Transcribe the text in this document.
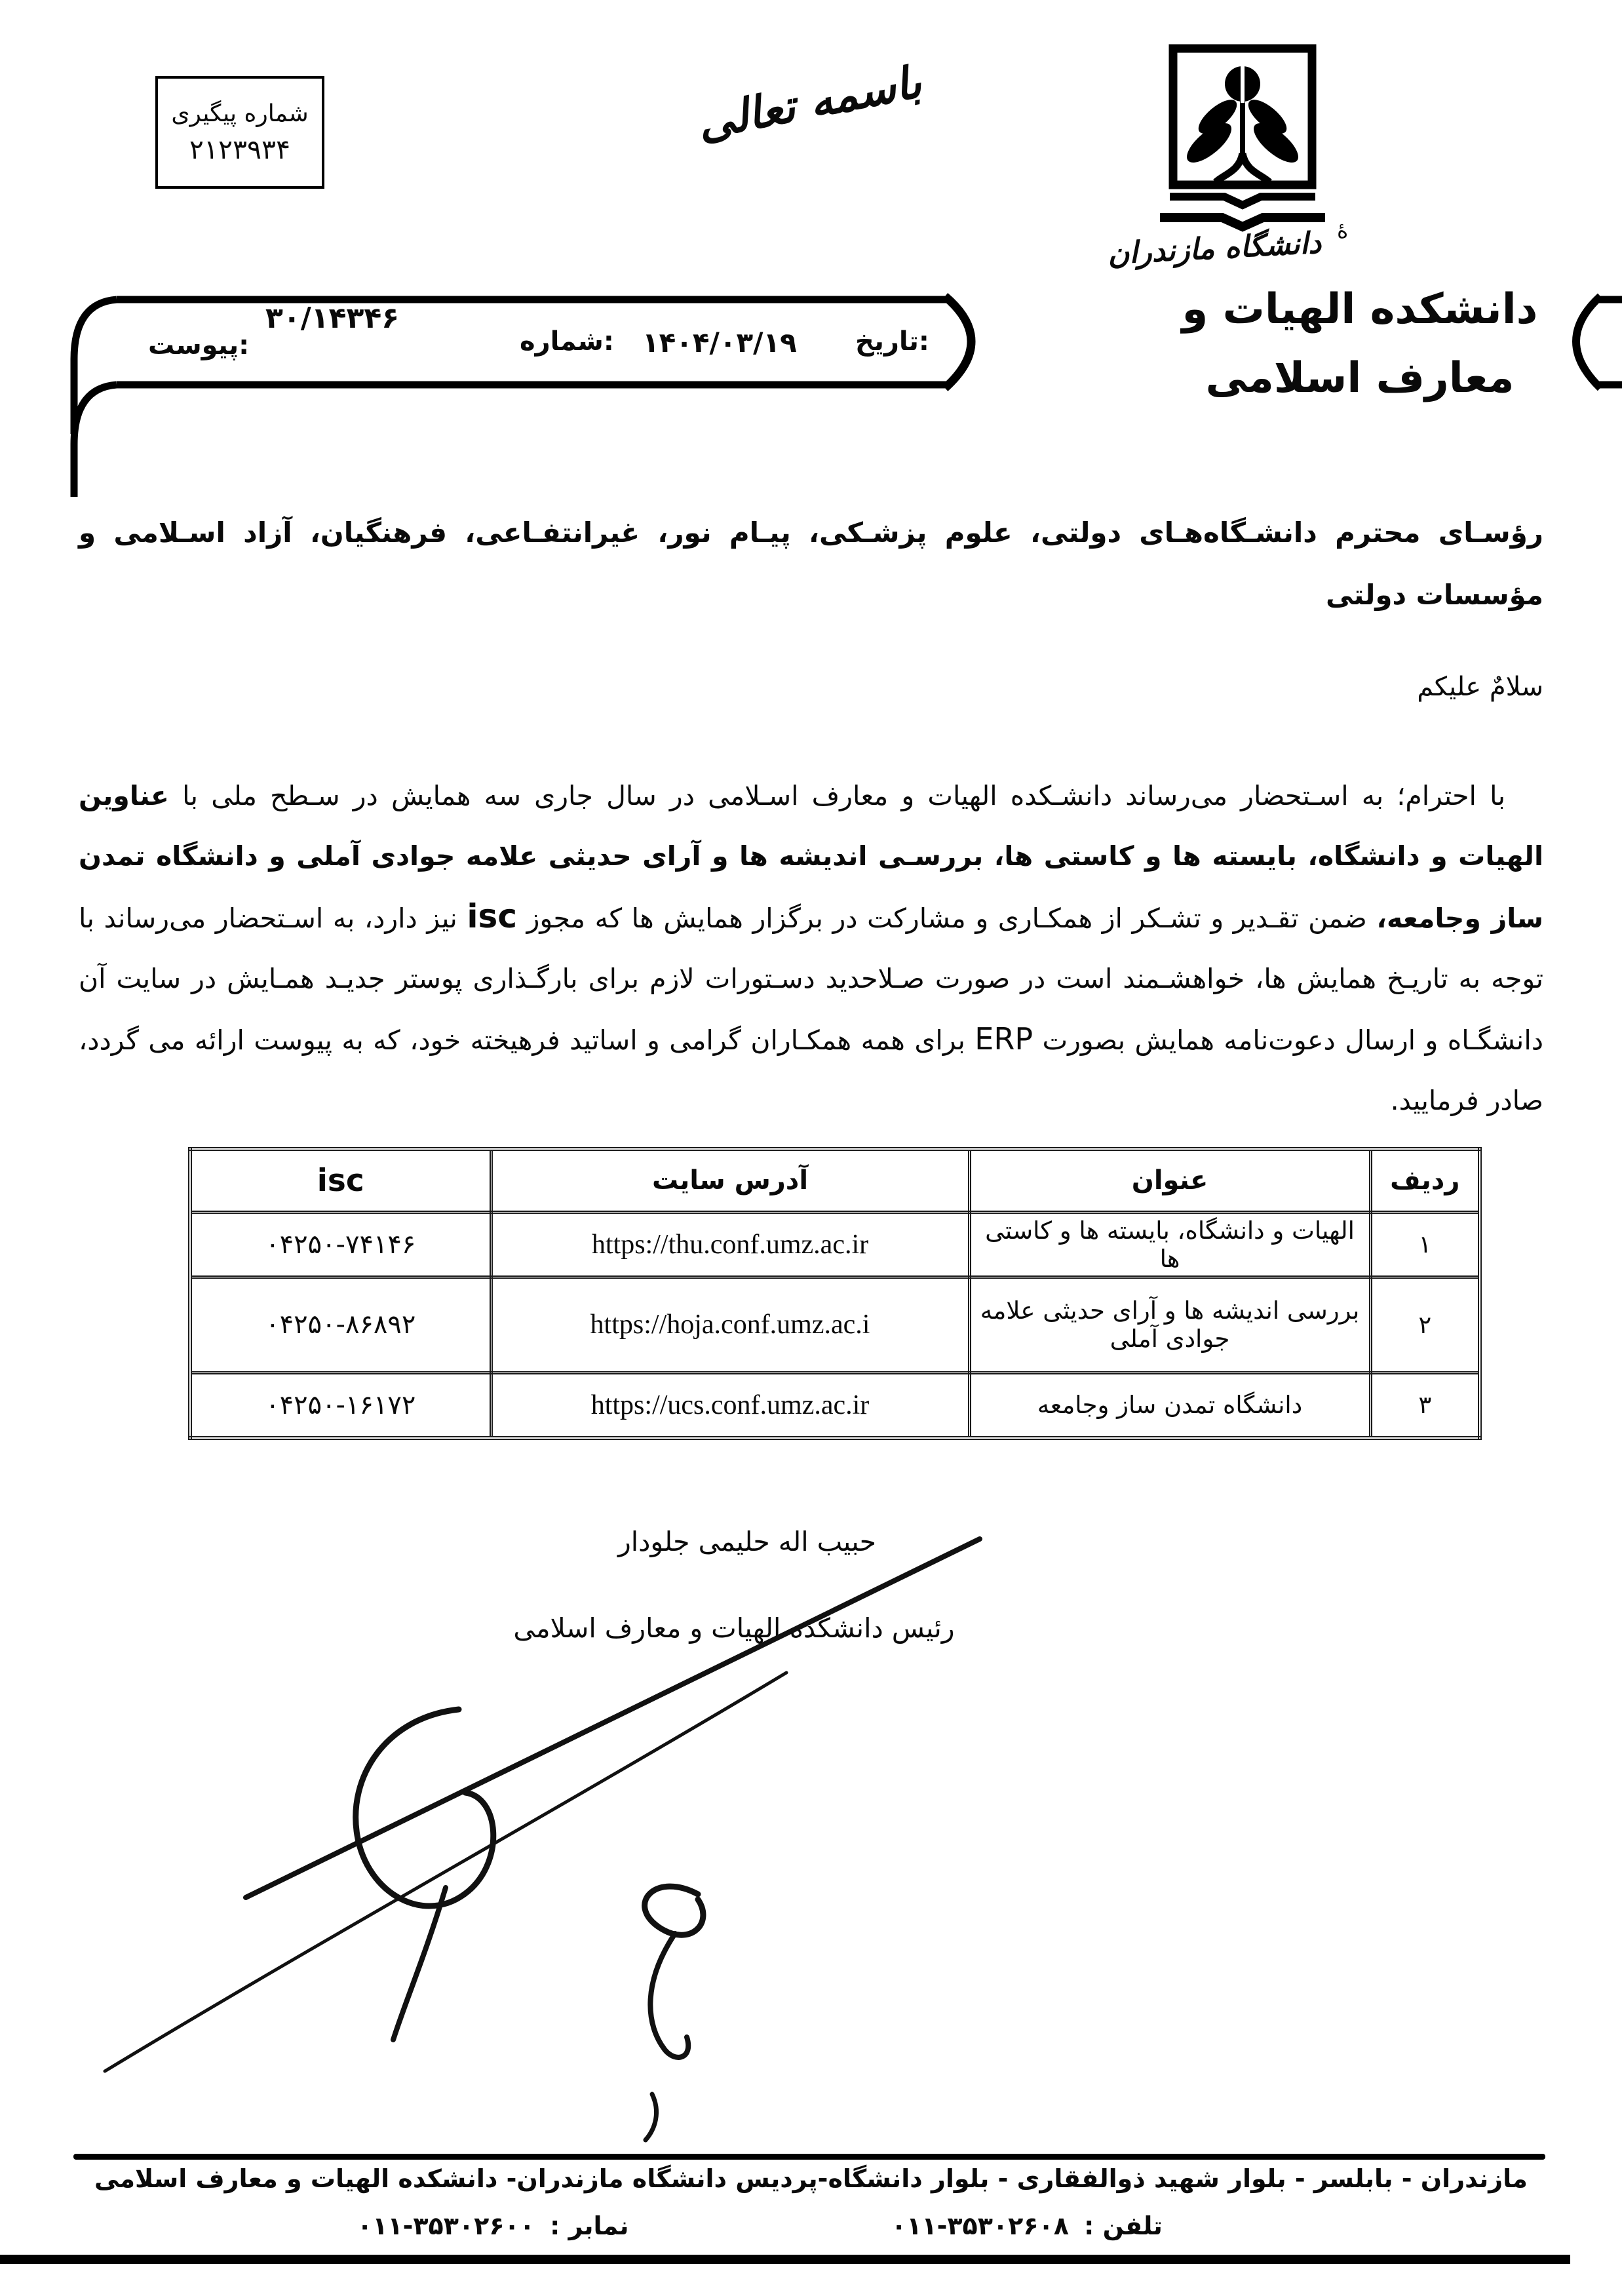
شماره پیگیری
۲۱۲۳۹۳۴	باسمه تعالی
دانشگاه مازندران ۀ
دانشکده الهیات و
معارف اسلامی
تاریخ:
۱۴۰۴/۰۳/۱۹
شماره:
۳۰/۱۴۳۴۶
پیوست:
رؤسـای محترم دانشـگاه‌هـای دولتی، علوم پزشـکی، پیـام نور، غیرانتفـاعی، فرهنگیان، آزاد اسـلامی و مؤسسات دولتی
سلامٌ علیکم
با احترام؛ به اسـتحضار می‌رساند دانشـکده الهیات و معارف اسـلامی در سال جاری سه همایش در سـطح ملی با عناوین الهیات و دانشگاه، بایسته ها و کاستی ها، بررسـی اندیشه ها و آرای حدیثی علامه جوادی آملی و دانشگاه تمدن ساز وجامعه، ضمن تقـدیر و تشـکر از همکـاری و مشارکت در برگزار همایش ها که مجوز isc نیز دارد، به اسـتحضار می‌رساند با توجه به تاریـخ همایش ها، خواهشـمند است در صورت صـلاحدید دسـتورات لازم برای بارگـذاری پوستر جدیـد همـایش در سایت آن دانشگـاه و ارسال دعوت‌نامه همایش بصورت ERP برای همه همکـاران گرامی و اساتید فرهیخته خود، که به پیوست ارائه می گردد، صادر فرمایید.
ردیف	عنوان	آدرس سایت	isc
۱	الهیات و دانشگاه، بایسته ها و کاستی ها	https://thu.conf.umz.ac.ir	۰۴۲۵۰-۷۴۱۴۶
۲	بررسی اندیشه ها و آرای حدیثی علامه جوادی آملی	https://hoja.conf.umz.ac.i	۰۴۲۵۰-۸۶۸۹۲
۳	دانشگاه تمدن ساز وجامعه	https://ucs.conf.umz.ac.ir	۰۴۲۵۰-۱۶۱۷۲
حبیب اله حلیمی جلودار
رئیس دانشکده الهیات و معارف اسلامی
مازندران - بابلسر - بلوار شهید ذوالفقاری - بلوار دانشگاه-پردیس دانشگاه مازندران- دانشکده الهیات و معارف اسلامی
تلفن : ۰۱۱-۳۵۳۰۲۶۰۸
نمابر : ۰۱۱-۳۵۳۰۲۶۰۰
